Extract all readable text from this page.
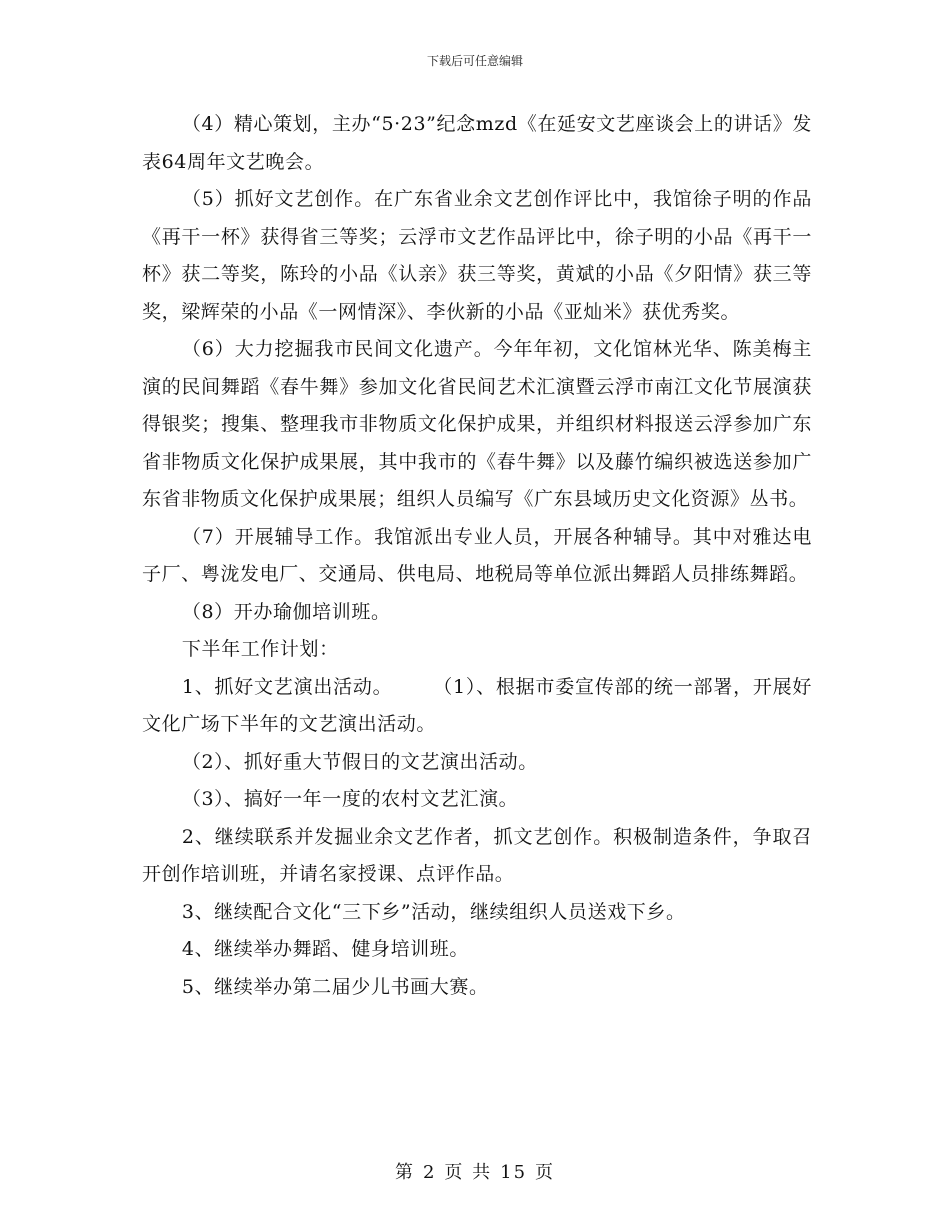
下载后可任意编辑

（4）精心策划，主办“5·23”纪念mzd《在延安文艺座谈会上的讲话》发表64周年文艺晚会。

（5）抓好文艺创作。在广东省业余文艺创作评比中，我馆徐子明的作品《再干一杯》获得省三等奖；云浮市文艺作品评比中，徐子明的小品《再干一杯》获二等奖，陈玲的小品《认亲》获三等奖，黄斌的小品《夕阳情》获三等奖，梁辉荣的小品《一网情深》、李伙新的小品《亚灿米》获优秀奖。

（6）大力挖掘我市民间文化遗产。今年年初，文化馆林光华、陈美梅主演的民间舞蹈《春牛舞》参加文化省民间艺术汇演暨云浮市南江文化节展演获得银奖；搜集、整理我市非物质文化保护成果，并组织材料报送云浮参加广东省非物质文化保护成果展，其中我市的《春牛舞》以及藤竹编织被选送参加广东省非物质文化保护成果展；组织人员编写《广东县域历史文化资源》丛书。

（7）开展辅导工作。我馆派出专业人员，开展各种辅导。其中对雅达电子厂、粤泷发电厂、交通局、供电局、地税局等单位派出舞蹈人员排练舞蹈。

（8）开办瑜伽培训班。

下半年工作计划：

1、抓好文艺演出活动。      （1）、根据市委宣传部的统一部署，开展好文化广场下半年的文艺演出活动。

（2）、抓好重大节假日的文艺演出活动。

（3）、搞好一年一度的农村文艺汇演。

2、继续联系并发掘业余文艺作者，抓文艺创作。积极制造条件，争取召开创作培训班，并请名家授课、点评作品。

3、继续配合文化“三下乡”活动，继续组织人员送戏下乡。

4、继续举办舞蹈、健身培训班。

5、继续举办第二届少儿书画大赛。

第 2 页 共 15 页
